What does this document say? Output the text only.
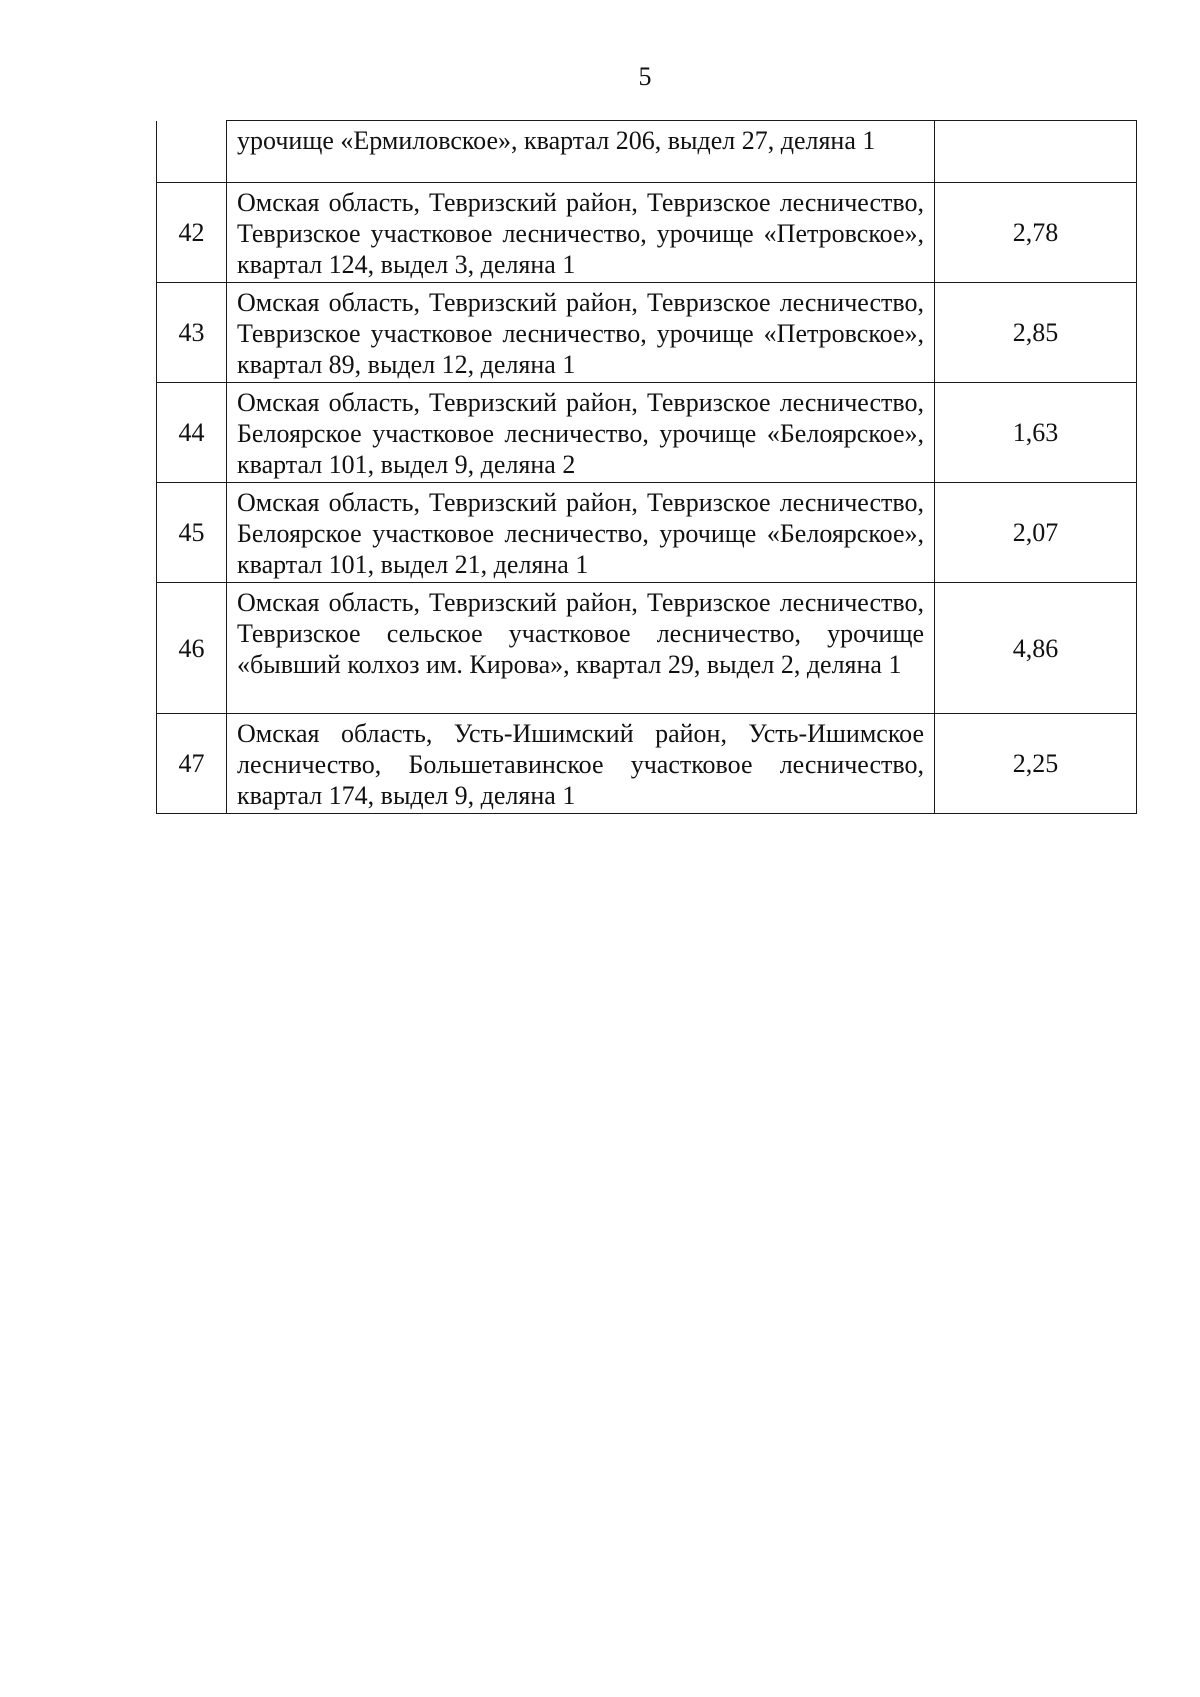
5
	урочище «Ермиловское», квартал 206, выдел 27, деляна 1	
42	Омская область, Тевризский район, Тевризское лесничество, Тевризское участковое лесничество, урочище «Петровское», квартал 124, выдел 3, деляна 1	2,78
43	Омская область, Тевризский район, Тевризское лесничество, Тевризское участковое лесничество, урочище «Петровское», квартал 89, выдел 12, деляна 1	2,85
44	Омская область, Тевризский район, Тевризское лесничество, Белоярское участковое лесничество, урочище «Белоярское», квартал 101, выдел 9, деляна 2	1,63
45	Омская область, Тевризский район, Тевризское лесничество, Белоярское участковое лесничество, урочище «Белоярское», квартал 101, выдел 21, деляна 1	2,07
46	Омская область, Тевризский район, Тевризское лесничество, Тевризское сельское участковое лесничество, урочище «бывший колхоз им. Кирова», квартал 29, выдел 2, деляна 1	4,86
47	Омская область, Усть-Ишимский район, Усть-Ишимское лесничество, Большетавинское участковое лесничество, квартал 174, выдел 9, деляна 1	2,25
